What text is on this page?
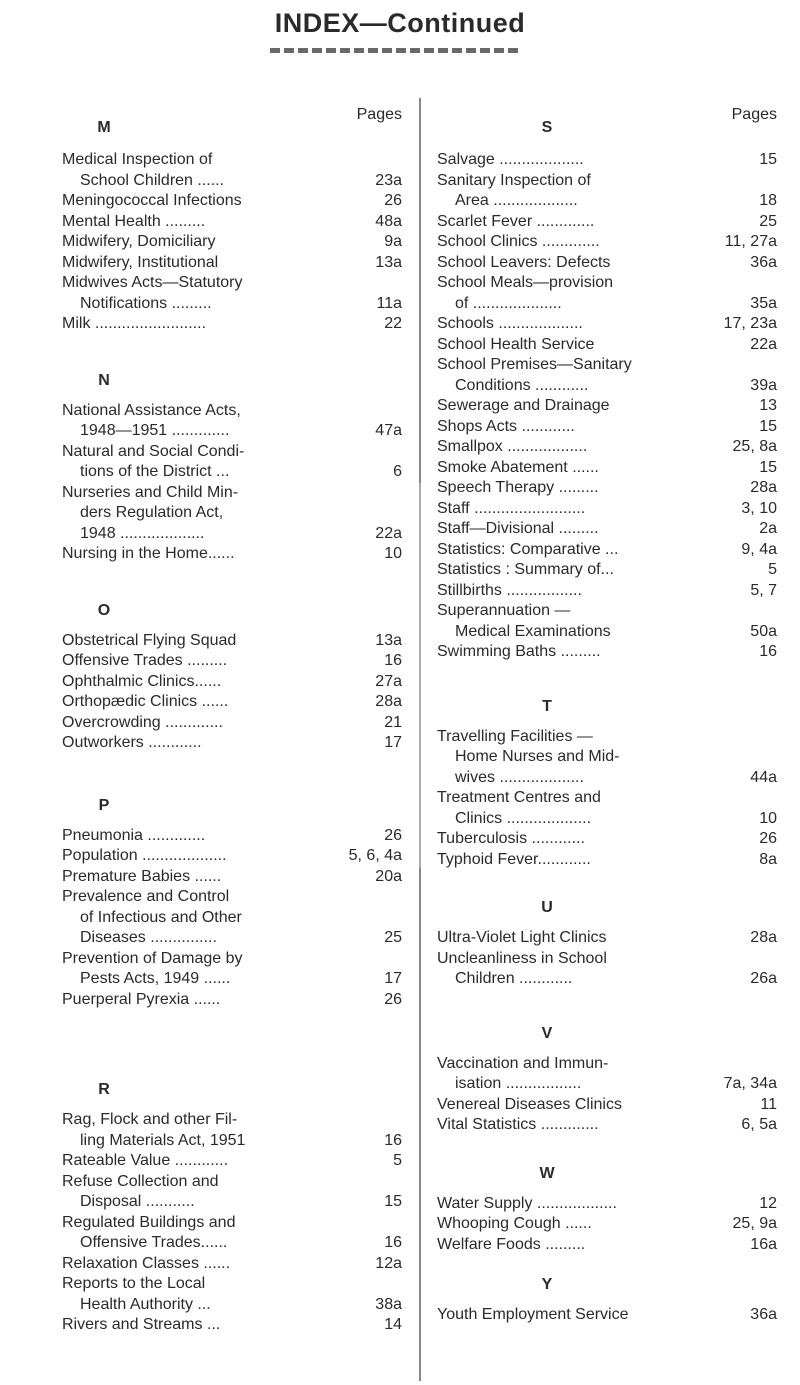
INDEX—Continued
Pages
M
Medical Inspection of
School Children ......	23a
Meningococcal Infections	26
Mental Health .........	48a
Midwifery, Domiciliary	9a
Midwifery, Institutional	13a
Midwives Acts—Statutory
Notifications .........	11a
Milk .........................	22
N
National Assistance Acts,
1948—1951 .............	47a
Natural and Social Condi-
tions of the District ...	6
Nurseries and Child Min-
ders Regulation Act,
1948 ...................	22a
Nursing in the Home......	10
O
Obstetrical Flying Squad	13a
Offensive Trades .........	16
Ophthalmic Clinics......	27a
Orthopædic Clinics ......	28a
Overcrowding .............	21
Outworkers ............	17
P
Pneumonia .............	26
Population ...................	5, 6, 4a
Premature Babies ......	20a
Prevalence and Control
of Infectious and Other
Diseases ...............	25
Prevention of Damage by
Pests Acts, 1949 ......	17
Puerperal Pyrexia ......	26
R
Rag, Flock and other Fil-
ling Materials Act, 1951	16
Rateable Value ............	5
Refuse Collection and
Disposal ...........	15
Regulated Buildings and
Offensive Trades......	16
Relaxation Classes ......	12a
Reports to the Local
Health Authority ...	38a
Rivers and Streams ...	14
Pages
S
Salvage ...................	15
Sanitary Inspection of
Area ...................	18
Scarlet Fever .............	25
School Clinics .............	11, 27a
School Leavers: Defects	36a
School Meals—provision
of ....................	35a
Schools ...................	17, 23a
School Health Service	22a
School Premises—Sanitary
Conditions ............	39a
Sewerage and Drainage	13
Shops Acts ............	15
Smallpox ..................	25, 8a
Smoke Abatement ......	15
Speech Therapy .........	28a
Staff .........................	3, 10
Staff—Divisional .........	2a
Statistics: Comparative ...	9, 4a
Statistics : Summary of...	5
Stillbirths .................	5, 7
Superannuation —
Medical Examinations	50a
Swimming Baths .........	16
T
Travelling Facilities —
Home Nurses and Mid-
wives ...................	44a
Treatment Centres and
Clinics ...................	10
Tuberculosis ............	26
Typhoid Fever............	8a
U
Ultra-Violet Light Clinics	28a
Uncleanliness in School
Children ............	26a
V
Vaccination and Immun-
isation .................	7a, 34a
Venereal Diseases Clinics	11
Vital Statistics .............	6, 5a
W
Water Supply ..................	12
Whooping Cough ......	25, 9a
Welfare Foods .........	16a
Y
Youth Employment Service	36a
